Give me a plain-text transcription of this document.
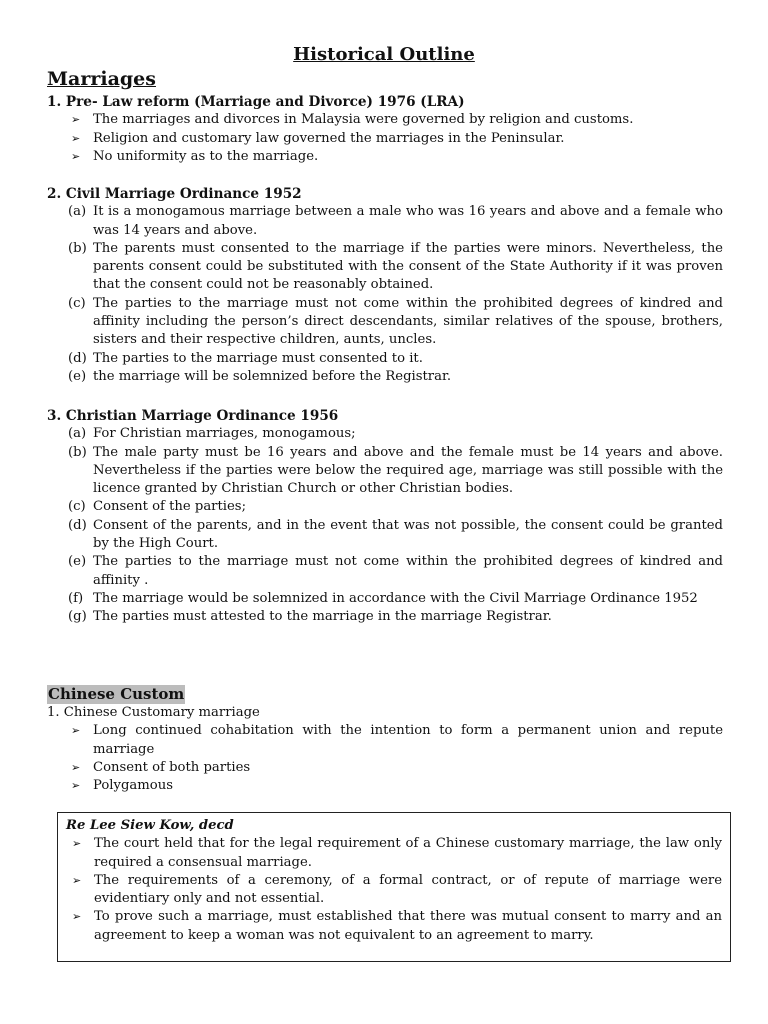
Historical Outline
Marriages
1. Pre- Law reform (Marriage and Divorce) 1976 (LRA)
➢ The marriages and divorces in Malaysia were governed by religion and customs.
➢ Religion and customary law governed the marriages in the Peninsular.
➢ No uniformity as to the marriage.
2. Civil Marriage Ordinance 1952
(a) It is a monogamous marriage between a male who was 16 years and above and a female who was 14 years and above.
(b) The parents must consented to the marriage if the parties were minors. Nevertheless, the parents consent could be substituted with the consent of the State Authority if it was proven that the consent could not be reasonably obtained.
(c) The parties to the marriage must not come within the prohibited degrees of kindred and affinity including the person’s direct descendants, similar relatives of the spouse, brothers, sisters and their respective children, aunts, uncles.
(d) The parties to the marriage must consented to it.
(e) the marriage will be solemnized before the Registrar.
3. Christian Marriage Ordinance 1956
(a) For Christian marriages, monogamous;
(b) The male party must be 16 years and above and the female must be 14 years and above. Nevertheless if the parties were below the required age, marriage was still possible with the licence granted by Christian Church or other Christian bodies.
(c) Consent of the parties;
(d) Consent of the parents, and in the event that was not possible, the consent could be granted by the High Court.
(e) The parties to the marriage must not come within the prohibited degrees of kindred and affinity .
(f) The marriage would be solemnized in accordance with the Civil Marriage Ordinance 1952
(g) The parties must attested to the marriage in the marriage Registrar.
Chinese Custom
1. Chinese Customary marriage
➢ Long continued cohabitation with the intention to form a permanent union and repute marriage
➢ Consent of both parties
➢ Polygamous
Re Lee Siew Kow, decd
➢ The court held that for the legal requirement of a Chinese customary marriage, the law only required a consensual marriage.
➢ The requirements of a ceremony, of a formal contract, or of repute of marriage were evidentiary only and not essential.
➢ To prove such a marriage, must established that there was mutual consent to marry and an agreement to keep a woman was not equivalent to an agreement to marry.
